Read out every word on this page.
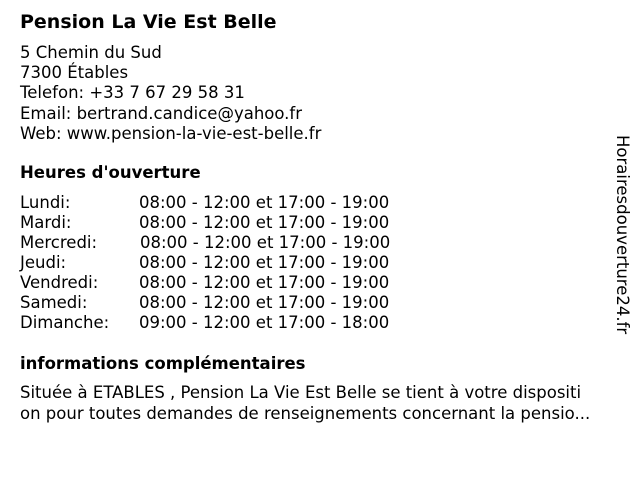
Pension La Vie Est Belle
5 Chemin du Sud
7300 Étables
Telefon: +33 7 67 29 58 31
Email: bertrand.candice@yahoo.fr
Web: www.pension-la-vie-est-belle.fr
Heures d'ouverture
Lundi:	08:00 - 12:00 et 17:00 - 19:00
Mardi:	08:00 - 12:00 et 17:00 - 19:00
Mercredi:	08:00 - 12:00 et 17:00 - 19:00
Jeudi:	08:00 - 12:00 et 17:00 - 19:00
Vendredi: 08:00 - 12:00 et 17:00 - 19:00
Samedi:	08:00 - 12:00 et 17:00 - 19:00
Dimanche: 09:00 - 12:00 et 17:00 - 18:00
informations complémentaires
Située à ETABLES , Pension La Vie Est Belle se tient à votre dispositi
on pour toutes demandes de renseignements concernant la pensio...
Horairesdouverture24.fr
